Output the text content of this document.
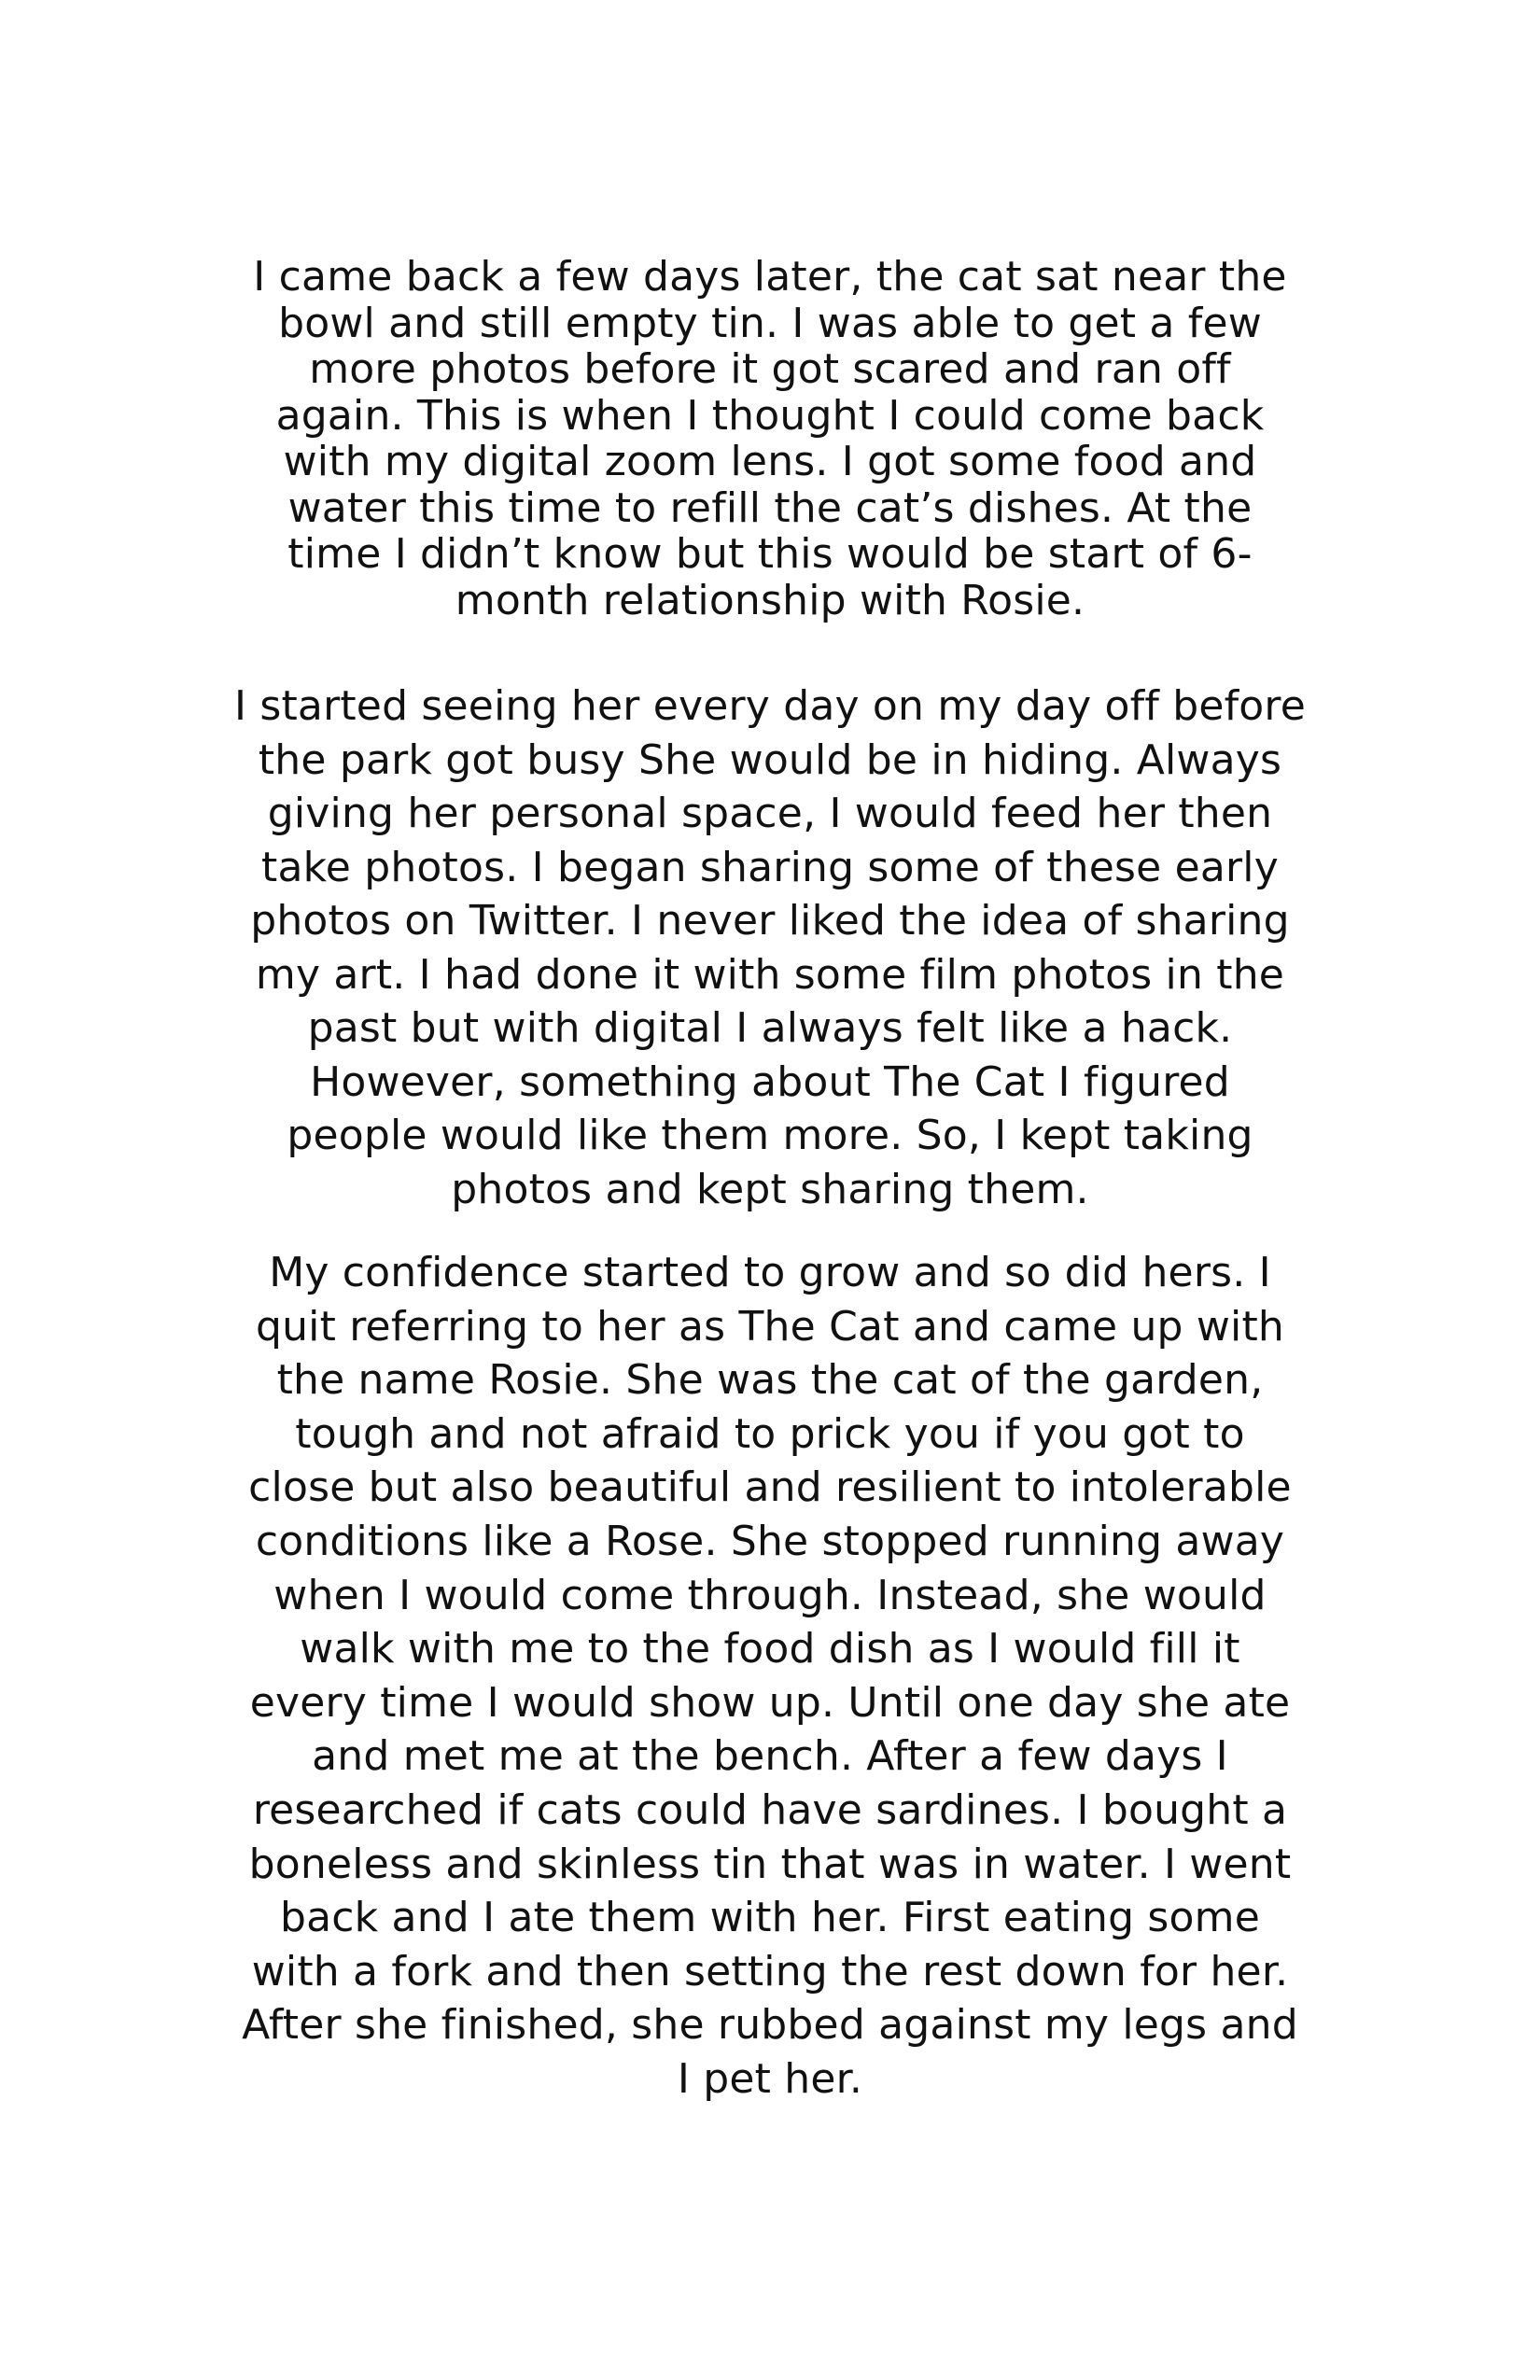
I came back a few days later, the cat sat near the
bowl and still empty tin. I was able to get a few
more photos before it got scared and ran off
again. This is when I thought I could come back
with my digital zoom lens. I got some food and
water this time to refill the cat’s dishes. At the
time I didn’t know but this would be start of 6-
month relationship with Rosie.
I started seeing her every day on my day off before
the park got busy She would be in hiding. Always
giving her personal space, I would feed her then
take photos. I began sharing some of these early
photos on Twitter. I never liked the idea of sharing
my art. I had done it with some film photos in the
past but with digital I always felt like a hack.
However, something about The Cat I figured
people would like them more. So, I kept taking
photos and kept sharing them.
My confidence started to grow and so did hers. I
quit referring to her as The Cat and came up with
the name Rosie. She was the cat of the garden,
tough and not afraid to prick you if you got to
close but also beautiful and resilient to intolerable
conditions like a Rose. She stopped running away
when I would come through. Instead, she would
walk with me to the food dish as I would fill it
every time I would show up. Until one day she ate
and met me at the bench. After a few days I
researched if cats could have sardines. I bought a
boneless and skinless tin that was in water. I went
back and I ate them with her. First eating some
with a fork and then setting the rest down for her.
After she finished, she rubbed against my legs and
I pet her.
